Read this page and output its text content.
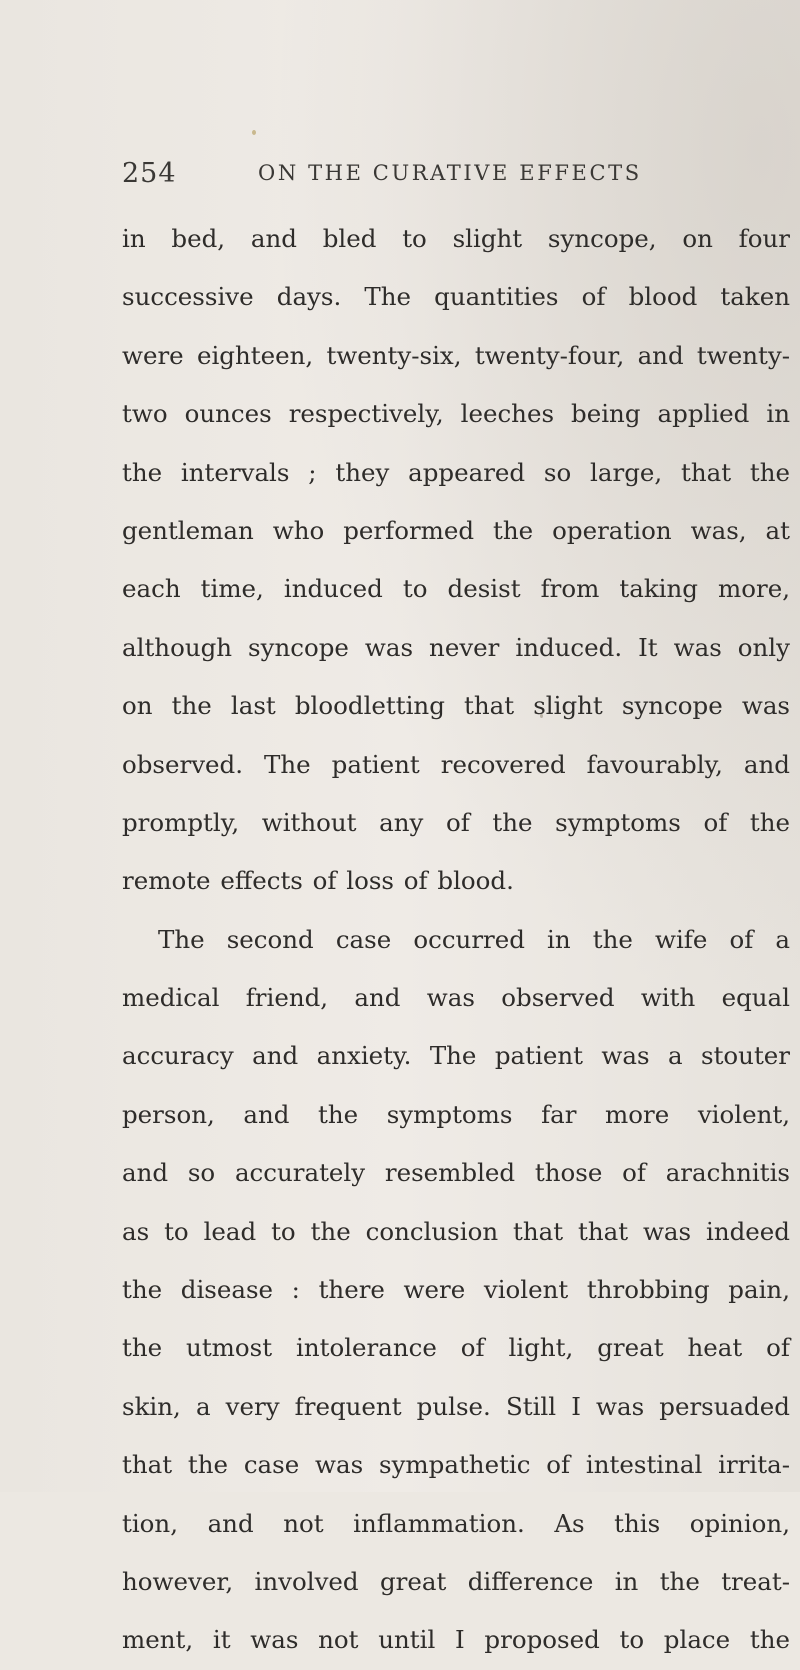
254	ON THE CURATIVE EFFECTS
in bed, and bled to slight syncope, on four
successive days. The quantities of blood taken
were eighteen, twenty-six, twenty-four, and twenty-
two ounces respectively, leeches being applied in
the intervals ; they appeared so large, that the
gentleman who performed the operation was, at
each time, induced to desist from taking more,
although syncope was never induced. It was only
on the last bloodletting that slight syncope was
observed. The patient recovered favourably, and
promptly, without any of the symptoms of the
remote effects of loss of blood.
The second case occurred in the wife of a
medical friend, and was observed with equal
accuracy and anxiety. The patient was a stouter
person, and the symptoms far more violent,
and so accurately resembled those of arachnitis
as to lead to the conclusion that that was indeed
the disease : there were violent throbbing pain,
the utmost intolerance of light, great heat of
skin, a very frequent pulse. Still I was persuaded
that the case was sympathetic of intestinal irrita-
tion, and not inflammation. As this opinion,
however, involved great difference in the treat-
ment, it was not until I proposed to place the
